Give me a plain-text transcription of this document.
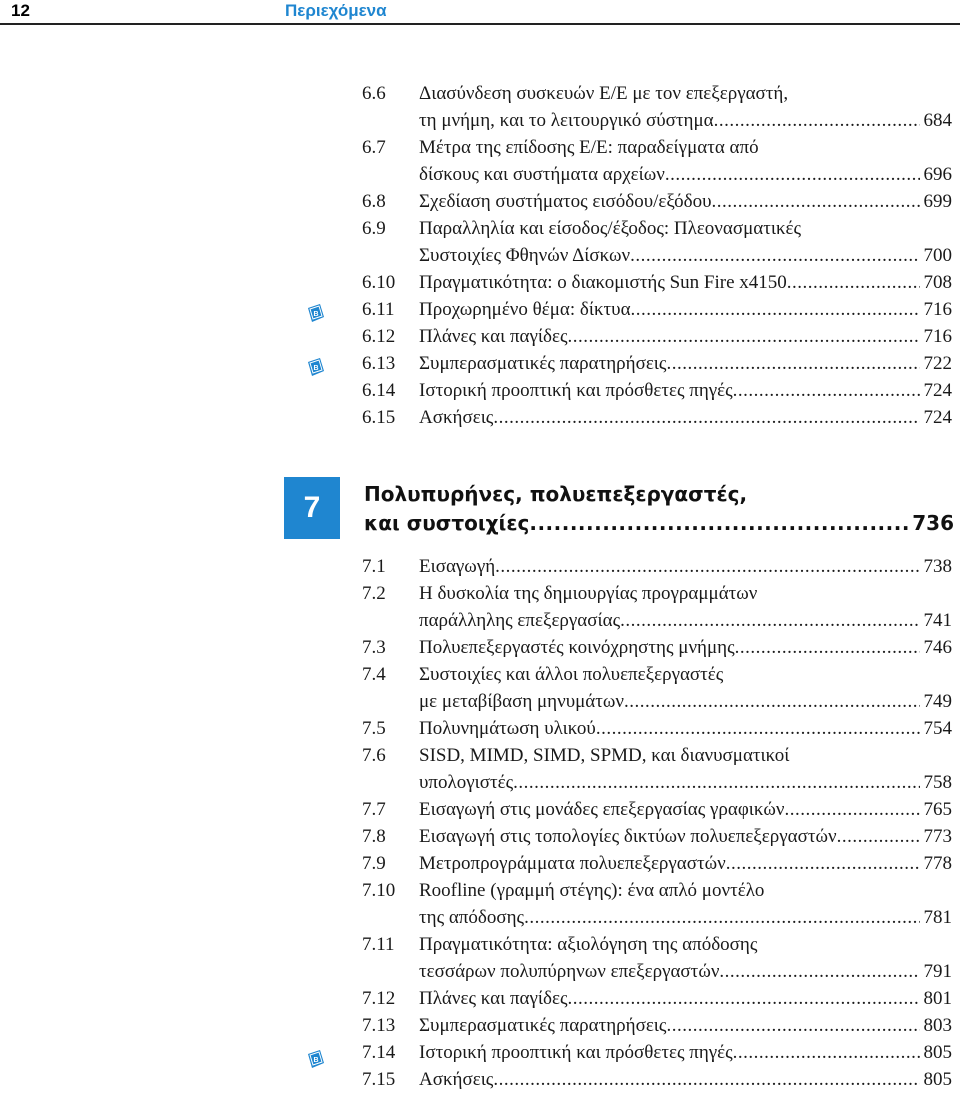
12	Περιεχόμενα
6.6	Διασύνδεση συσκευών Ε/Ε με τον επεξεργαστή,
τη μνήμη, και το λειτουργικό σύστημα .....	684
6.7	Μέτρα της επίδοσης Ε/Ε: παραδείγματα από
δίσκους και συστήματα αρχείων .....	696
6.8	Σχεδίαση συστήματος εισόδου/εξόδου .....	699
6.9	Παραλληλία και είσοδος/έξοδος: Πλεονασματικές
Συστοιχίες Φθηνών Δίσκων .....	700
6.10	Πραγματικότητα: ο διακομιστής Sun Fire x4150 .....	708
6.11	Προχωρημένο θέμα: δίκτυα .....	716
6.12	Πλάνες και παγίδες .....	716
6.13	Συμπερασματικές παρατηρήσεις .....	722
6.14	Ιστορική προοπτική και πρόσθετες πηγές .....	724
6.15	Ασκήσεις .....	724
7	Πολυπυρήνες, πολυεπεξεργαστές,
και συστοιχίες .....	736
7.1	Εισαγωγή .....	738
7.2	Η δυσκολία της δημιουργίας προγραμμάτων
παράλληλης επεξεργασίας .....	741
7.3	Πολυεπεξεργαστές κοινόχρηστης μνήμης .....	746
7.4	Συστοιχίες και άλλοι πολυεπεξεργαστές
με μεταβίβαση μηνυμάτων .....	749
7.5	Πολυνημάτωση υλικού .....	754
7.6	SISD, MIMD, SIMD, SPMD, και διανυσματικοί
υπολογιστές .....	758
7.7	Εισαγωγή στις μονάδες επεξεργασίας γραφικών .....	765
7.8	Εισαγωγή στις τοπολογίες δικτύων πολυεπεξεργαστών .....	773
7.9	Μετροπρογράμματα πολυεπεξεργαστών .....	778
7.10	Roofline (γραμμή στέγης): ένα απλό μοντέλο
της απόδοσης .....	781
7.11	Πραγματικότητα: αξιολόγηση της απόδοσης
τεσσάρων πολυπύρηνων επεξεργαστών .....	791
7.12	Πλάνες και παγίδες .....	801
7.13	Συμπερασματικές παρατηρήσεις .....	803
7.14	Ιστορική προοπτική και πρόσθετες πηγές .....	805
7.15	Ασκήσεις .....	805
B
B
B
